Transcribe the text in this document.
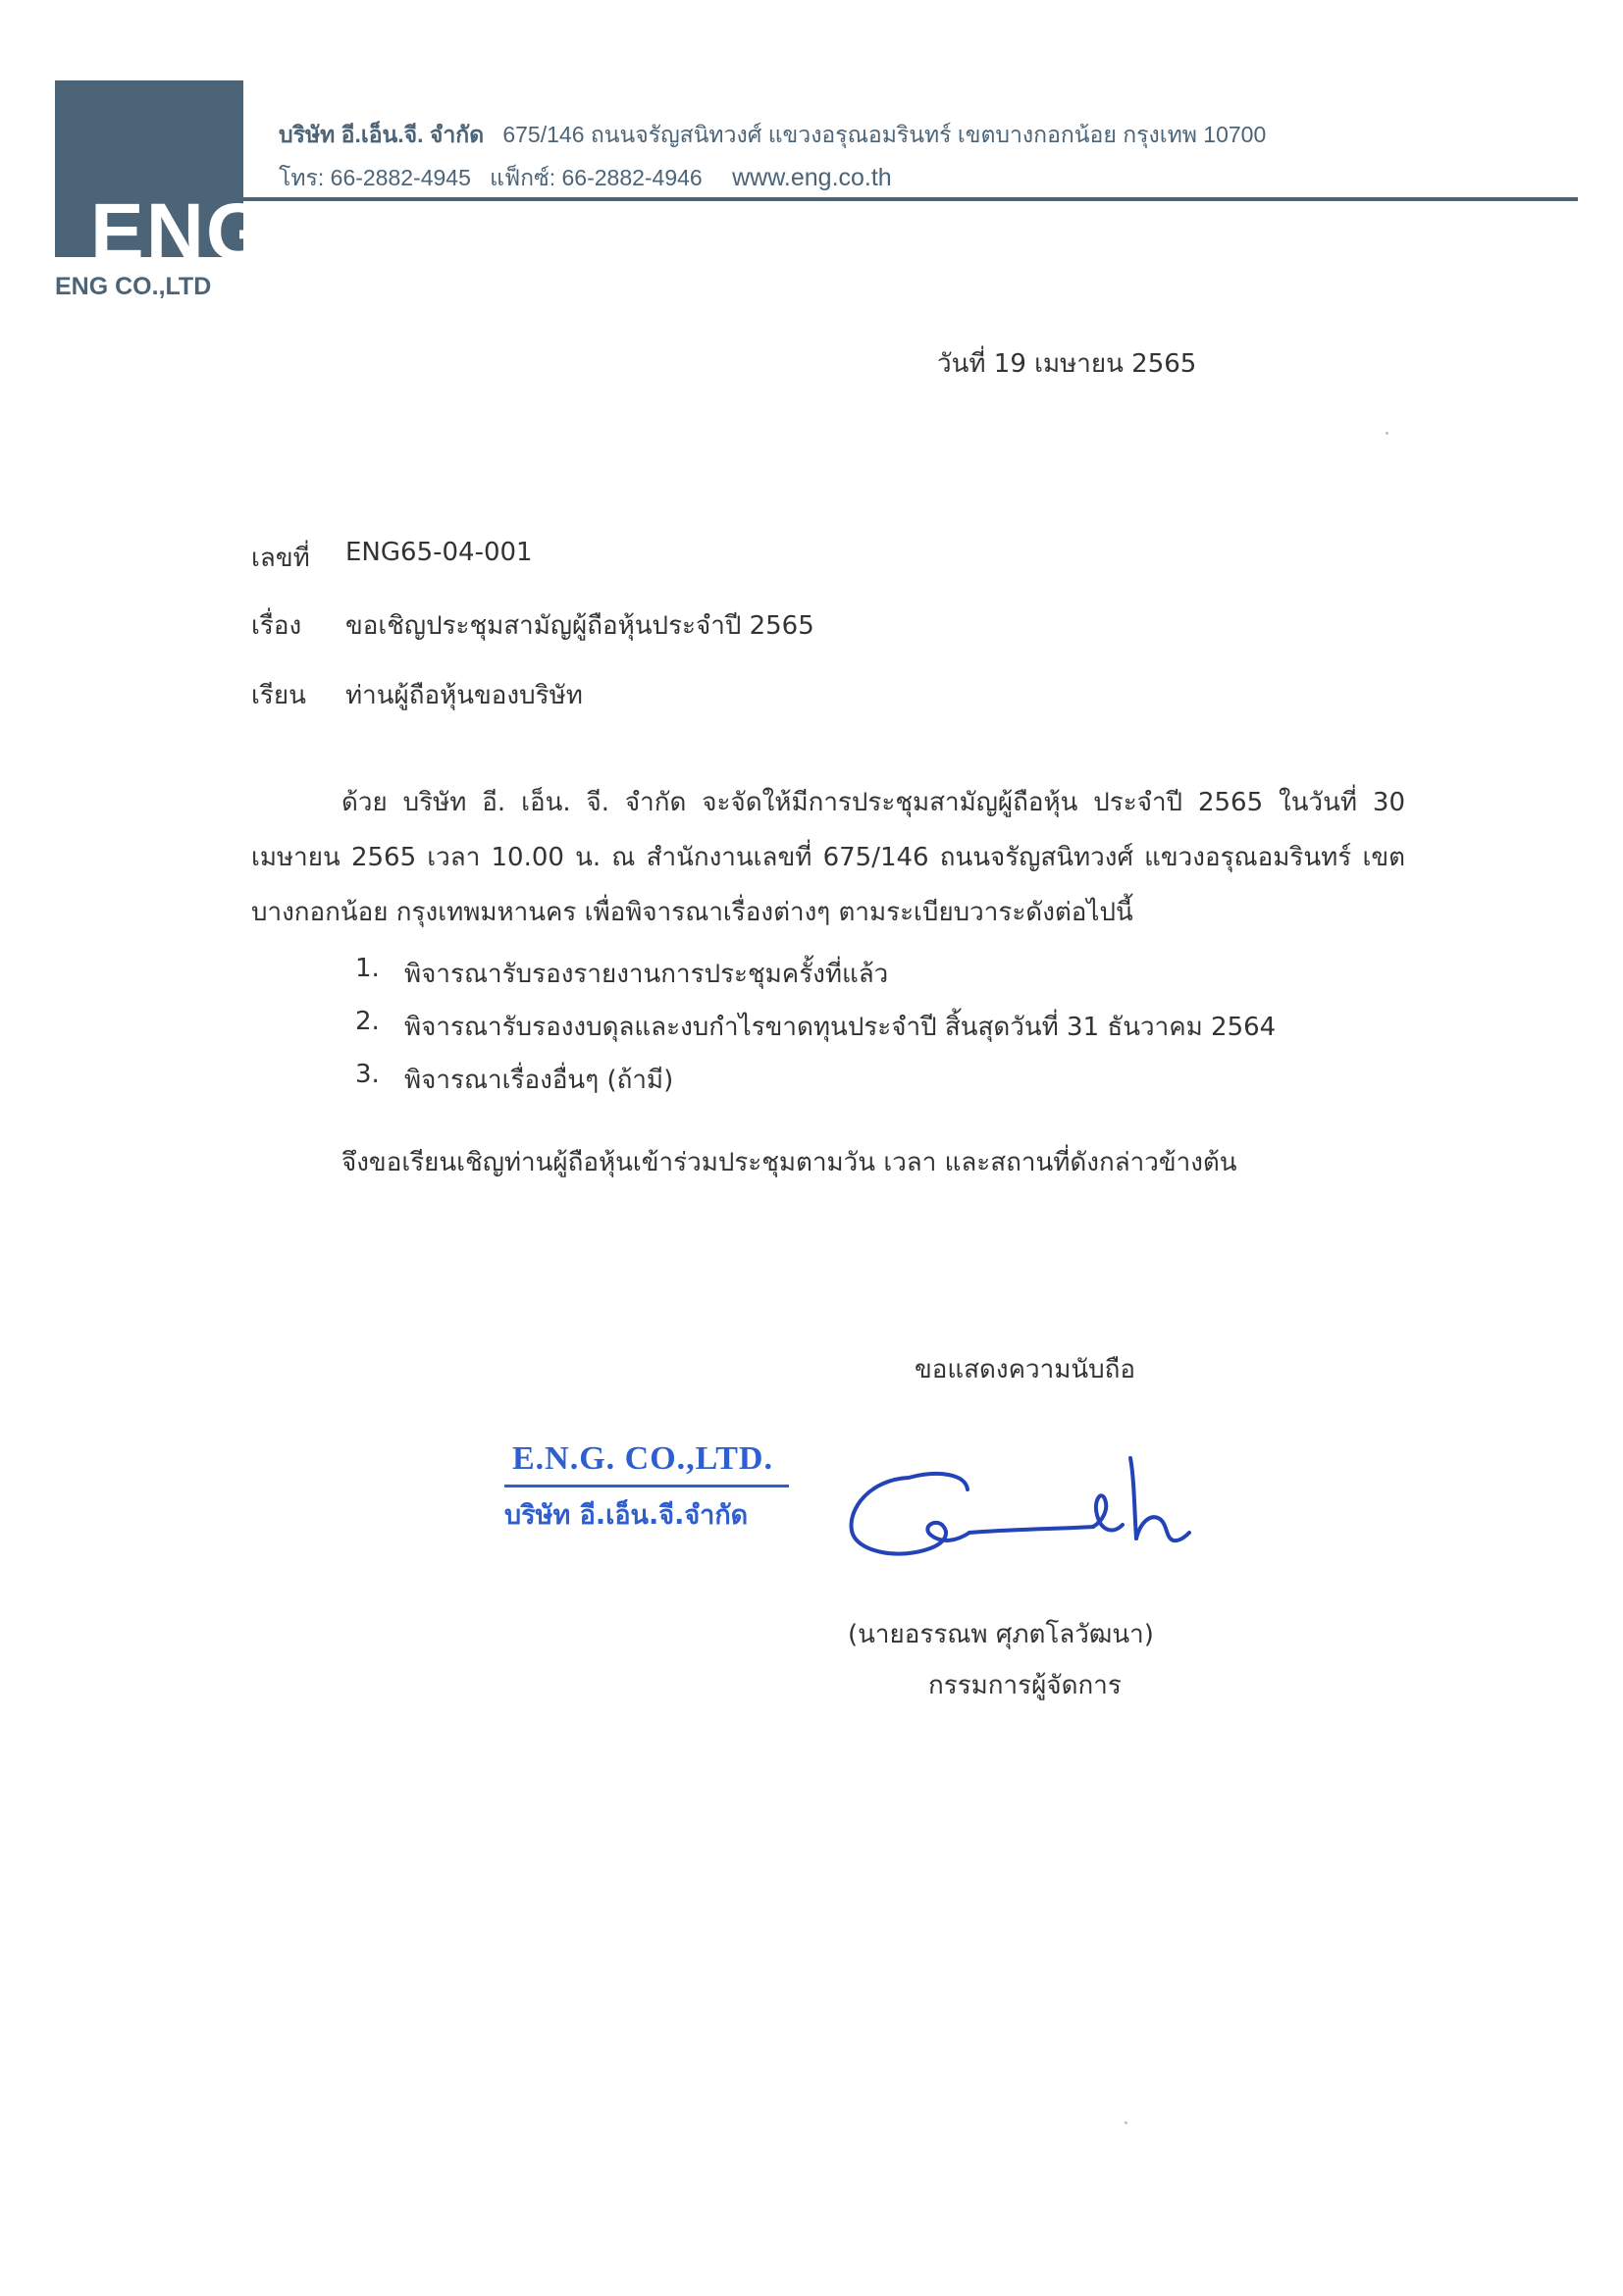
ENG
ENG CO.,LTD
บริษัท อี.เอ็น.จี. จำกัด 675/146 ถนนจรัญสนิทวงศ์ แขวงอรุณอมรินทร์ เขตบางกอกน้อย กรุงเทพ 10700
โทร: 66-2882-4945 แฟ็กซ์: 66-2882-4946 www.eng.co.th
วันที่ 19 เมษายน 2565
เลขที่ ENG65-04-001
เรื่อง ขอเชิญประชุมสามัญผู้ถือหุ้นประจำปี 2565
เรียน ท่านผู้ถือหุ้นของบริษัท
ด้วย บริษัท อี. เอ็น. จี. จำกัด จะจัดให้มีการประชุมสามัญผู้ถือหุ้น ประจำปี 2565 ในวันที่ 30 เมษายน 2565 เวลา 10.00 น. ณ สำนักงานเลขที่ 675/146 ถนนจรัญสนิทวงศ์ แขวงอรุณอมรินทร์ เขตบางกอกน้อย กรุงเทพมหานคร เพื่อพิจารณาเรื่องต่างๆ ตามระเบียบวาระดังต่อไปนี้
1. พิจารณารับรองรายงานการประชุมครั้งที่แล้ว
2. พิจารณารับรองงบดุลและงบกำไรขาดทุนประจำปี สิ้นสุดวันที่ 31 ธันวาคม 2564
3. พิจารณาเรื่องอื่นๆ (ถ้ามี)
จึงขอเรียนเชิญท่านผู้ถือหุ้นเข้าร่วมประชุมตามวัน เวลา และสถานที่ดังกล่าวข้างต้น
ขอแสดงความนับถือ
E.N.G. CO.,LTD.
บริษัท อี.เอ็น.จี.จำกัด
(นายอรรณพ ศุภตโลวัฒนา)
กรรมการผู้จัดการ
